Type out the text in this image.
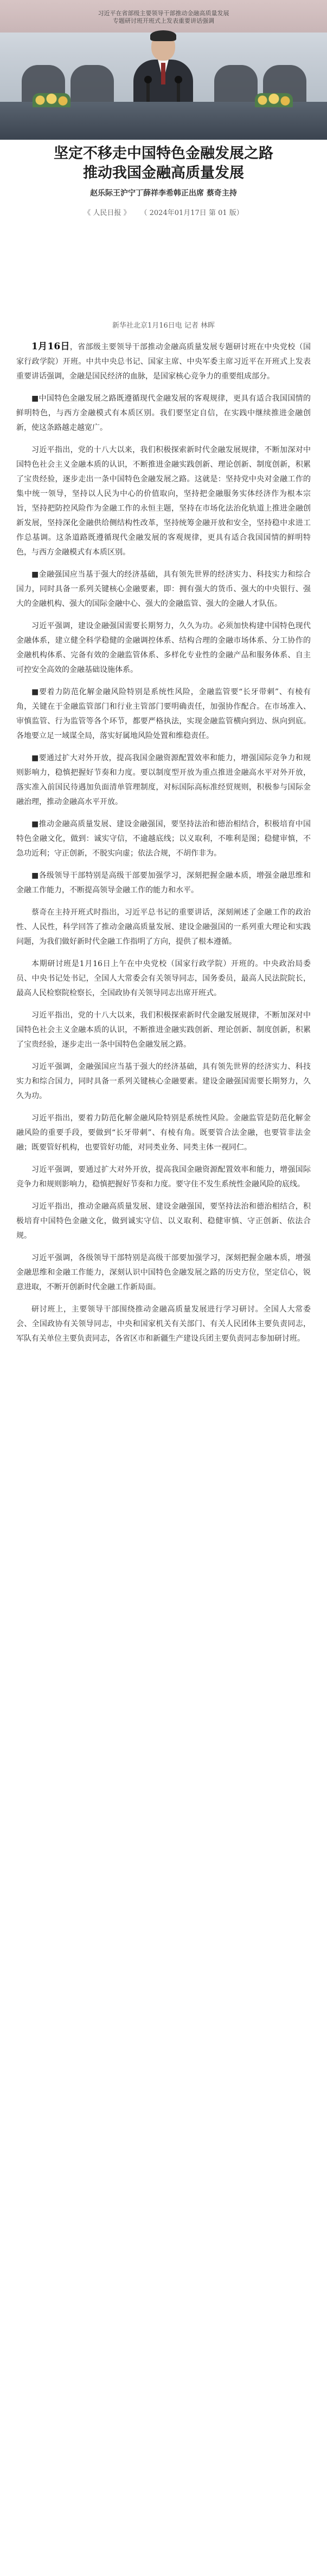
习近平在省部级主要领导干部推动金融高质量发展
专题研讨班开班式上发表重要讲话强调
坚定不移走中国特色金融发展之路
推动我国金融高质量发展
赵乐际王沪宁丁薛祥李希韩正出席 蔡奇主持
《 人民日报 》 （ 2024年01月17日 第 01 版）
新华社北京1月16日电 记者 林晖

1月16日，省部级主要领导干部推动金融高质量发展专题研讨班在中央党校（国家行政学院）开班。中共中央总书记、国家主席、中央军委主席习近平在开班式上发表重要讲话强调，金融是国民经济的血脉，是国家核心竞争力的重要组成部分。

■中国特色金融发展之路既遵循现代金融发展的客观规律，更具有适合我国国情的鲜明特色，与西方金融模式有本质区别。我们要坚定自信，在实践中继续推进金融创新，使这条路越走越宽广。

习近平指出，党的十八大以来，我们积极探索新时代金融发展规律，不断加深对中国特色社会主义金融本质的认识，不断推进金融实践创新、理论创新、制度创新，积累了宝贵经验，逐步走出一条中国特色金融发展之路。这就是：坚持党中央对金融工作的集中统一领导，坚持以人民为中心的价值取向，坚持把金融服务实体经济作为根本宗旨，坚持把防控风险作为金融工作的永恒主题，坚持在市场化法治化轨道上推进金融创新发展，坚持深化金融供给侧结构性改革，坚持统筹金融开放和安全，坚持稳中求进工作总基调。这条道路既遵循现代金融发展的客观规律，更具有适合我国国情的鲜明特色，与西方金融模式有本质区别。

■金融强国应当基于强大的经济基础，具有领先世界的经济实力、科技实力和综合国力，同时具备一系列关键核心金融要素，即：拥有强大的货币、强大的中央银行、强大的金融机构、强大的国际金融中心、强大的金融监管、强大的金融人才队伍。

习近平强调，建设金融强国需要长期努力，久久为功。必须加快构建中国特色现代金融体系，建立健全科学稳健的金融调控体系、结构合理的金融市场体系、分工协作的金融机构体系、完备有效的金融监管体系、多样化专业性的金融产品和服务体系、自主可控安全高效的金融基础设施体系。

■要着力防范化解金融风险特别是系统性风险，金融监管要“长牙带刺”、有棱有角，关键在于金融监管部门和行业主管部门要明确责任，加强协作配合。在市场准入、审慎监管、行为监管等各个环节，都要严格执法，实现金融监管横向到边、纵向到底。各地要立足一域谋全局，落实好属地风险处置和维稳责任。

■要通过扩大对外开放，提高我国金融资源配置效率和能力，增强国际竞争力和规则影响力，稳慎把握好节奏和力度。要以制度型开放为重点推进金融高水平对外开放，落实准入前国民待遇加负面清单管理制度，对标国际高标准经贸规则，积极参与国际金融治理，推动金融高水平开放。

■推动金融高质量发展、建设金融强国，要坚持法治和德治相结合，积极培育中国特色金融文化，做到：诚实守信，不逾越底线；以义取利，不唯利是图；稳健审慎，不急功近利；守正创新，不脱实向虚；依法合规，不胡作非为。

■各级领导干部特别是高级干部要加强学习，深刻把握金融本质，增强金融思维和金融工作能力，不断提高领导金融工作的能力和水平。

蔡奇在主持开班式时指出，习近平总书记的重要讲话，深刻阐述了金融工作的政治性、人民性，科学回答了推动金融高质量发展、建设金融强国的一系列重大理论和实践问题，为我们做好新时代金融工作指明了方向，提供了根本遵循。

本期研讨班是1月16日上午在中央党校（国家行政学院）开班的。中央政治局委员、中央书记处书记，全国人大常委会有关领导同志，国务委员，最高人民法院院长，最高人民检察院检察长，全国政协有关领导同志出席开班式。

习近平指出，党的十八大以来，我们积极探索新时代金融发展规律，不断加深对中国特色社会主义金融本质的认识，不断推进金融实践创新、理论创新、制度创新，积累了宝贵经验，逐步走出一条中国特色金融发展之路。

习近平强调，金融强国应当基于强大的经济基础，具有领先世界的经济实力、科技实力和综合国力，同时具备一系列关键核心金融要素。建设金融强国需要长期努力，久久为功。

习近平指出，要着力防范化解金融风险特别是系统性风险。金融监管是防范化解金融风险的重要手段，要做到“长牙带刺”、有棱有角。既要管合法金融，也要管非法金融；既要管好机构，也要管好功能，对同类业务、同类主体一视同仁。

习近平强调，要通过扩大对外开放，提高我国金融资源配置效率和能力，增强国际竞争力和规则影响力，稳慎把握好节奏和力度。要守住不发生系统性金融风险的底线。

习近平指出，推动金融高质量发展、建设金融强国，要坚持法治和德治相结合，积极培育中国特色金融文化，做到诚实守信、以义取利、稳健审慎、守正创新、依法合规。

习近平强调，各级领导干部特别是高级干部要加强学习，深刻把握金融本质，增强金融思维和金融工作能力，深刻认识中国特色金融发展之路的历史方位，坚定信心，锐意进取，不断开创新时代金融工作新局面。

研讨班上，主要领导干部围绕推动金融高质量发展进行学习研讨。全国人大常委会、全国政协有关领导同志，中央和国家机关有关部门、有关人民团体主要负责同志，军队有关单位主要负责同志，各省区市和新疆生产建设兵团主要负责同志参加研讨班。
